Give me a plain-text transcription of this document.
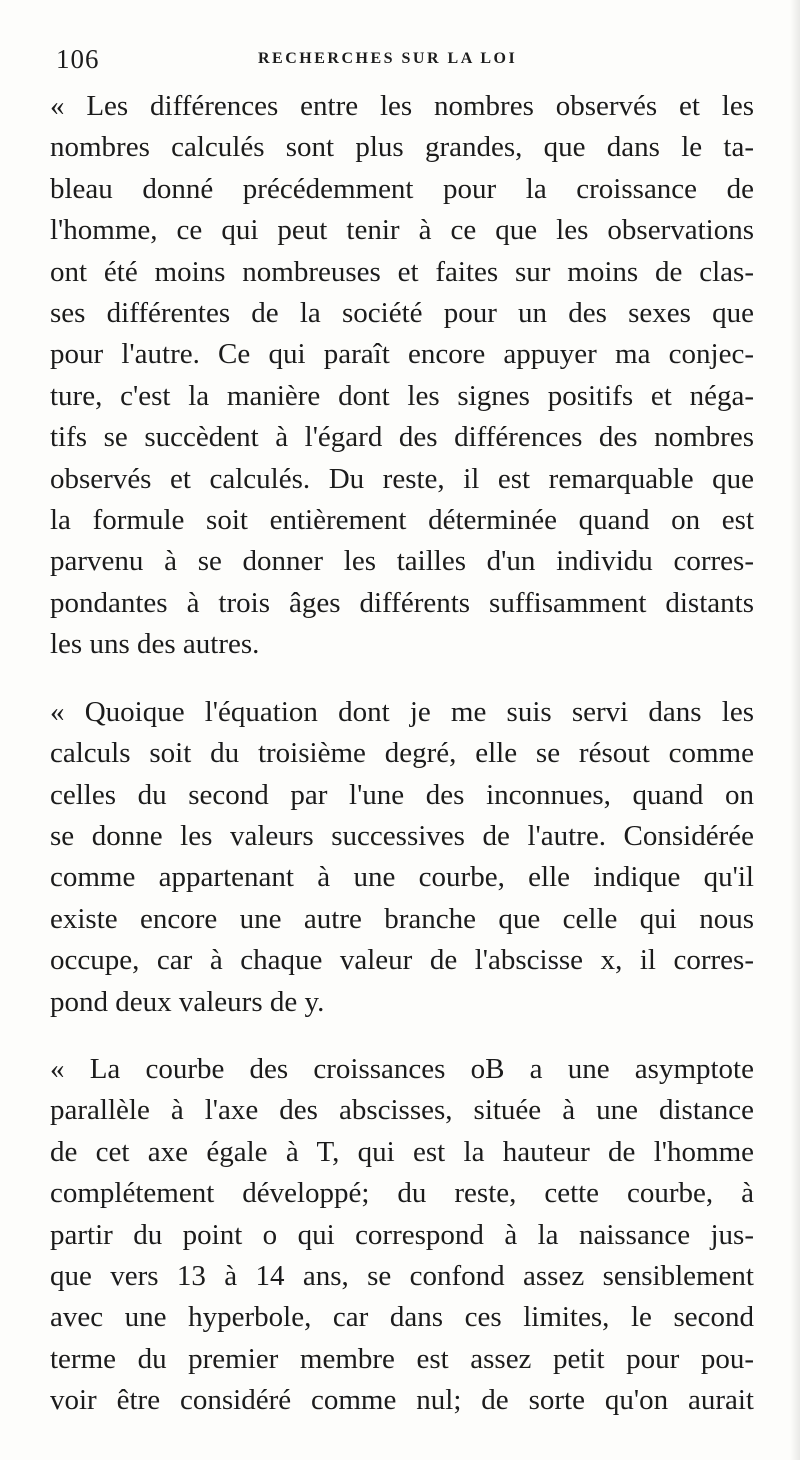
106	RECHERCHES SUR LA LOI
« Les différences entre les nombres observés et les
nombres calculés sont plus grandes, que dans le ta-
bleau donné précédemment pour la croissance de
l'homme, ce qui peut tenir à ce que les observations
ont été moins nombreuses et faites sur moins de clas-
ses différentes de la société pour un des sexes que
pour l'autre. Ce qui paraît encore appuyer ma conjec-
ture, c'est la manière dont les signes positifs et néga-
tifs se succèdent à l'égard des différences des nombres
observés et calculés. Du reste, il est remarquable que
la formule soit entièrement déterminée quand on est
parvenu à se donner les tailles d'un individu corres-
pondantes à trois âges différents suffisamment distants
les uns des autres.
« Quoique l'équation dont je me suis servi dans les
calculs soit du troisième degré, elle se résout comme
celles du second par l'une des inconnues, quand on
se donne les valeurs successives de l'autre. Considérée
comme appartenant à une courbe, elle indique qu'il
existe encore une autre branche que celle qui nous
occupe, car à chaque valeur de l'abscisse x, il corres-
pond deux valeurs de y.
« La courbe des croissances oB a une asymptote
parallèle à l'axe des abscisses, située à une distance
de cet axe égale à T, qui est la hauteur de l'homme
complétement développé; du reste, cette courbe, à
partir du point o qui correspond à la naissance jus-
que vers 13 à 14 ans, se confond assez sensiblement
avec une hyperbole, car dans ces limites, le second
terme du premier membre est assez petit pour pou-
voir être considéré comme nul; de sorte qu'on aurait
